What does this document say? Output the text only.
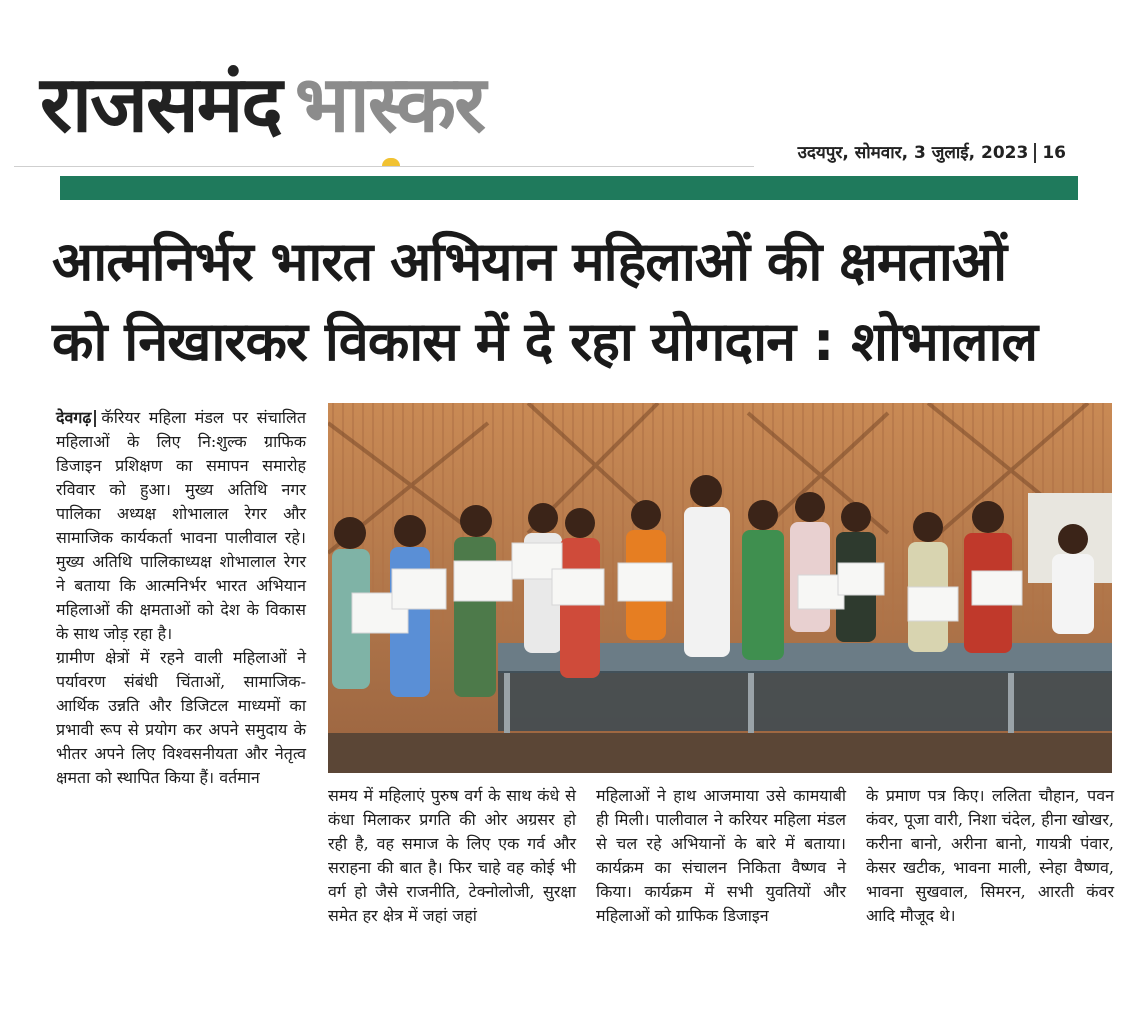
राजसमंद भास्कर
उदयपुर, सोमवार, 3 जुलाई, 2023 16
आत्मनिर्भर भारत अभियान महिलाओं की क्षमताओं
को निखारकर विकास में दे रहा योगदान : शोभालाल

देवगढ़ कॅरियर महिला मंडल पर संचालित महिलाओं के लिए नि:शुल्क ग्राफिक डिजाइन प्रशिक्षण का समापन समारोह रविवार को हुआ। मुख्य अतिथि नगर पालिका अध्यक्ष शोभालाल रेगर और सामाजिक कार्यकर्ता भावना पालीवाल रहे। मुख्य अतिथि पालिकाध्यक्ष शोभालाल रेगर ने बताया कि आत्मनिर्भर भारत अभियान महिलाओं की क्षमताओं को देश के विकास के साथ जोड़ रहा है।

ग्रामीण क्षेत्रों में रहने वाली महिलाओं ने पर्यावरण संबंधी चिंताओं, सामाजिक-आर्थिक उन्नति और डिजिटल माध्यमों का प्रभावी रूप से प्रयोग कर अपने समुदाय के भीतर अपने लिए विश्वसनीयता और नेतृत्व क्षमता को स्थापित किया हैं। वर्तमान

समय में महिलाएं पुरुष वर्ग के साथ कंधे से कंधा मिलाकर प्रगति की ओर अग्रसर हो रही है, वह समाज के लिए एक गर्व और सराहना की बात है। फिर चाहे वह कोई भी वर्ग हो जैसे राजनीति, टेक्नोलोजी, सुरक्षा समेत हर क्षेत्र में जहां जहां

महिलाओं ने हाथ आजमाया उसे कामयाबी ही मिली। पालीवाल ने करियर महिला मंडल से चल रहे अभियानों के बारे में बताया। कार्यक्रम का संचालन निकिता वैष्णव ने किया। कार्यक्रम में सभी युवतियों और महिलाओं को ग्राफिक डिजाइन

के प्रमाण पत्र किए। ललिता चौहान, पवन कंवर, पूजा वारी, निशा चंदेल, हीना खोखर, करीना बानो, अरीना बानो, गायत्री पंवार, केसर खटीक, भावना माली, स्नेहा वैष्णव, भावना सुखवाल, सिमरन, आरती कंवर आदि मौजूद थे।
